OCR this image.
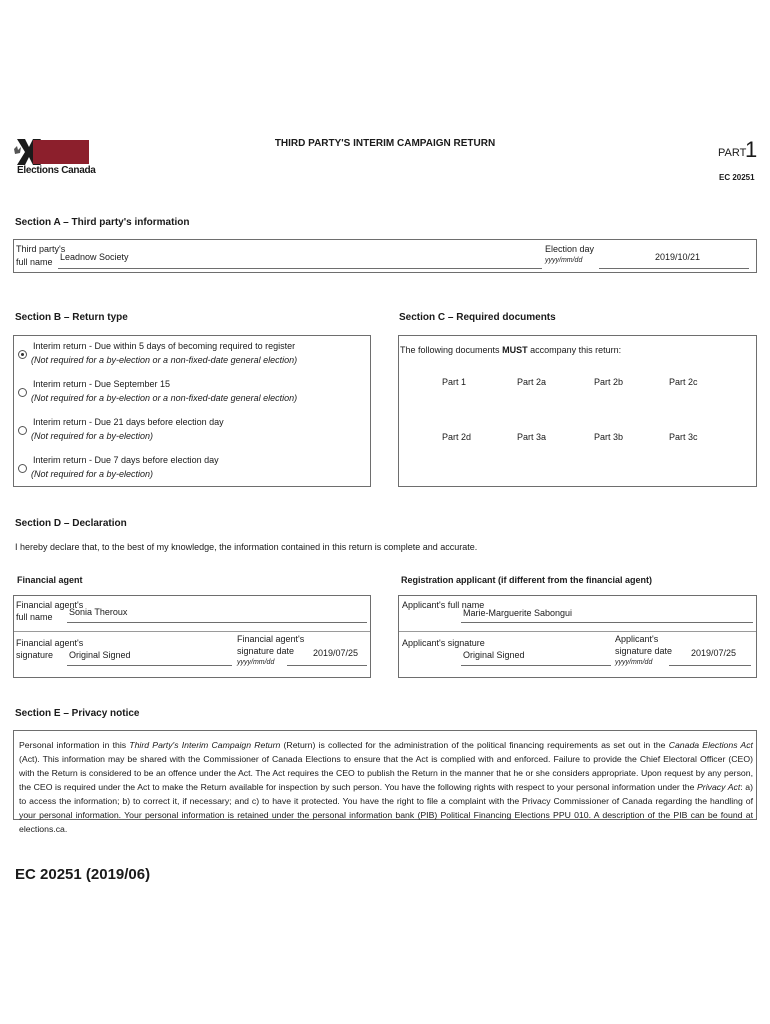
Elections Canada
THIRD PARTY'S INTERIM CAMPAIGN RETURN
PART
1
EC 20251
Section A – Third party's information
Third party's
full name Leadnow Society
Election day
yyyy/mm/dd	2019/10/21
Section B – Return type
Interim return - Due within 5 days of becoming required to register
(Not required for a by-election or a non-fixed-date general election)
Interim return - Due September 15
(Not required for a by-election or a non-fixed-date general election)
Interim return - Due 21 days before election day
(Not required for a by-election)
Interim return - Due 7 days before election day
(Not required for a by-election)
Section C – Required documents
The following documents MUST accompany this return:
Part 1	Part 2a	Part 2b	Part 2c
Part 2d	Part 3a	Part 3b	Part 3c
Section D – Declaration
I hereby declare that, to the best of my knowledge, the information contained in this return is complete and accurate.
Financial agent
Financial agent's
full name Sonia Theroux
Financial agent's
signature Original Signed
Financial agent's
signature date
yyyy/mm/dd
2019/07/25
Registration applicant (if different from the financial agent)
Applicant's full name
Marie-Marguerite Sabongui
Applicant's signature
Original Signed
Applicant's
signature date
yyyy/mm/dd
2019/07/25
Section E – Privacy notice
Personal information in this Third Party's Interim Campaign Return (Return) is collected for the administration of the political financing requirements as set out in the Canada Elections Act (Act). This information may be shared with the Commissioner of Canada Elections to ensure that the Act is complied with and enforced. Failure to provide the Chief Electoral Officer (CEO) with the Return is considered to be an offence under the Act. The Act requires the CEO to publish the Return in the manner that he or she considers appropriate. Upon request by any person, the CEO is required under the Act to make the Return available for inspection by such person. You have the following rights with respect to your personal information under the Privacy Act: a) to access the information; b) to correct it, if necessary; and c) to have it protected. You have the right to file a complaint with the Privacy Commissioner of Canada regarding the handling of your personal information. Your personal information is retained under the personal information bank (PIB) Political Financing Elections PPU 010. A description of the PIB can be found at elections.ca.
EC 20251 (2019/06)
